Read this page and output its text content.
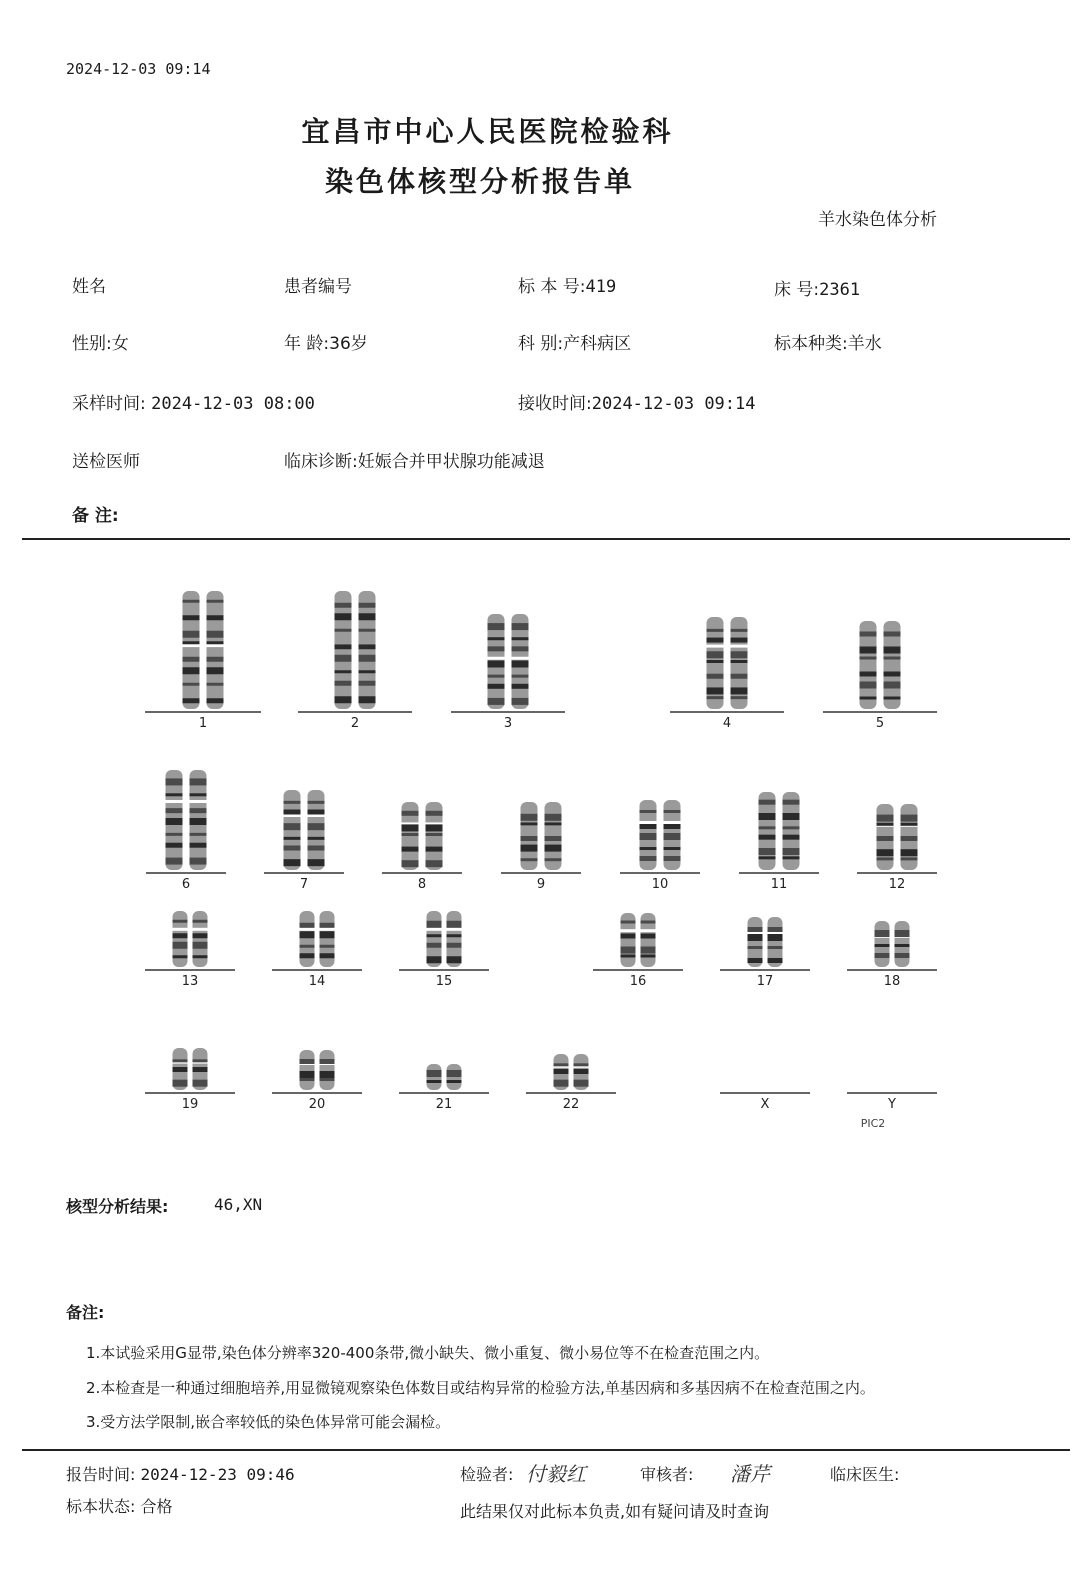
2024-12-03 09:14
宜昌市中心人民医院检验科
染色体核型分析报告单
羊水染色体分析
姓名	患者编号	标 本 号:419	床 号:2361
性别:女	年 龄:36岁	科 别:产科病区	标本种类:羊水
采样时间: 2024-12-03 08:00	接收时间:2024-12-03 09:14
送检医师	临床诊断:妊娠合并甲状腺功能减退
备 注:
1	2	3	4	5
6	7	8	9	10	11	12
13	14	15	16	17	18
19	20	21	22	X	Y
PIC2
核型分析结果:	46,XN
备注:
1.本试验采用G显带,染色体分辨率320-400条带,微小缺失、微小重复、微小易位等不在检查范围之内。
2.本检查是一种通过细胞培养,用显微镜观察染色体数目或结构异常的检验方法,单基因病和多基因病不在检查范围之内。
3.受方法学限制,嵌合率较低的染色体异常可能会漏检。
报告时间: 2024-12-23 09:46
标本状态: 合格
检验者: 付毅红	审核者: 潘芹	临床医生:
此结果仅对此标本负责,如有疑问请及时查询
